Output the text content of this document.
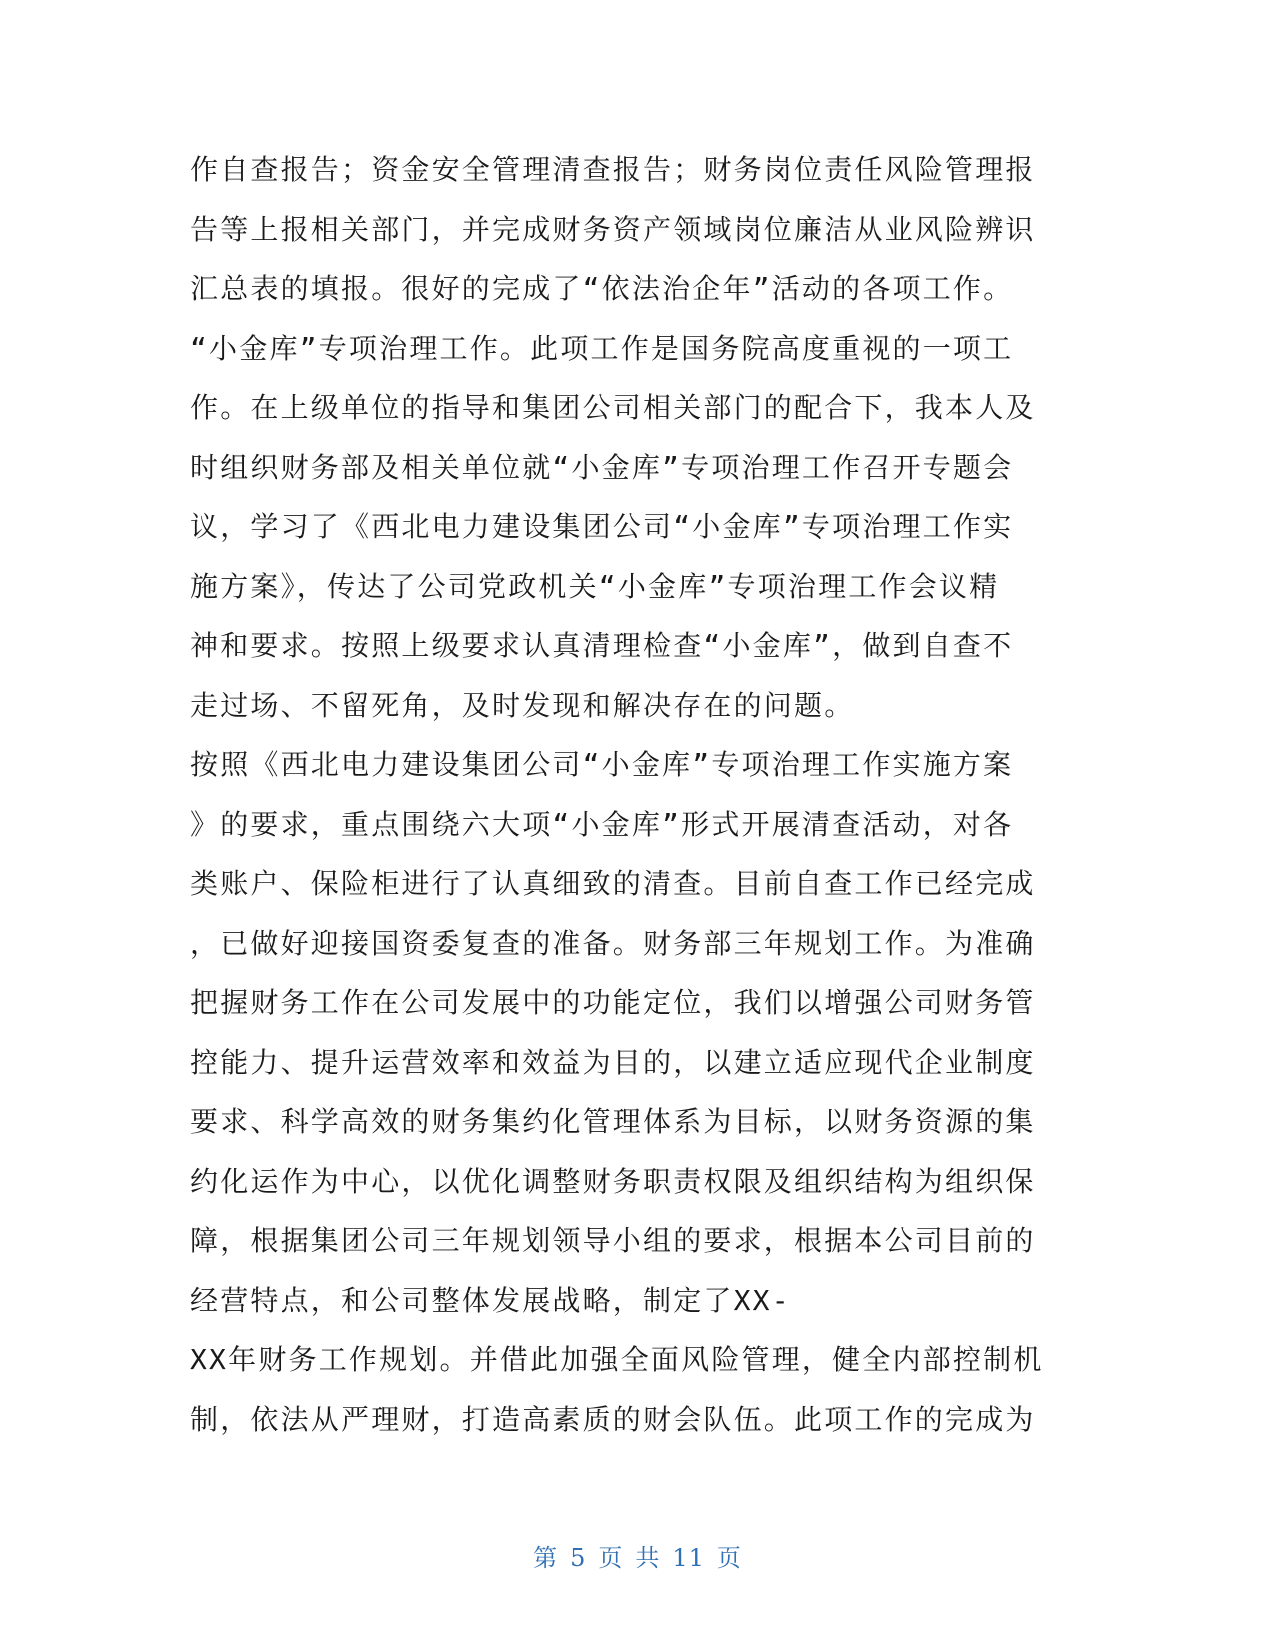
作自查报告；资金安全管理清查报告；财务岗位责任风险管理报
告等上报相关部门，并完成财务资产领域岗位廉洁从业风险辨识
汇总表的填报。很好的完成了“依法治企年”活动的各项工作。
“小金库”专项治理工作。此项工作是国务院高度重视的一项工
作。在上级单位的指导和集团公司相关部门的配合下，我本人及
时组织财务部及相关单位就“小金库”专项治理工作召开专题会
议，学习了《西北电力建设集团公司“小金库”专项治理工作实
施方案》，传达了公司党政机关“小金库”专项治理工作会议精
神和要求。按照上级要求认真清理检查“小金库”，做到自查不
走过场、不留死角，及时发现和解决存在的问题。
按照《西北电力建设集团公司“小金库”专项治理工作实施方案
》的要求，重点围绕六大项“小金库”形式开展清查活动，对各
类账户、保险柜进行了认真细致的清查。目前自查工作已经完成
，已做好迎接国资委复查的准备。财务部三年规划工作。为准确
把握财务工作在公司发展中的功能定位，我们以增强公司财务管
控能力、提升运营效率和效益为目的，以建立适应现代企业制度
要求、科学高效的财务集约化管理体系为目标，以财务资源的集
约化运作为中心，以优化调整财务职责权限及组织结构为组织保
障，根据集团公司三年规划领导小组的要求，根据本公司目前的
经营特点，和公司整体发展战略，制定了XX-
XX年财务工作规划。并借此加强全面风险管理，健全内部控制机
制，依法从严理财，打造高素质的财会队伍。此项工作的完成为
第 5 页 共 11 页
